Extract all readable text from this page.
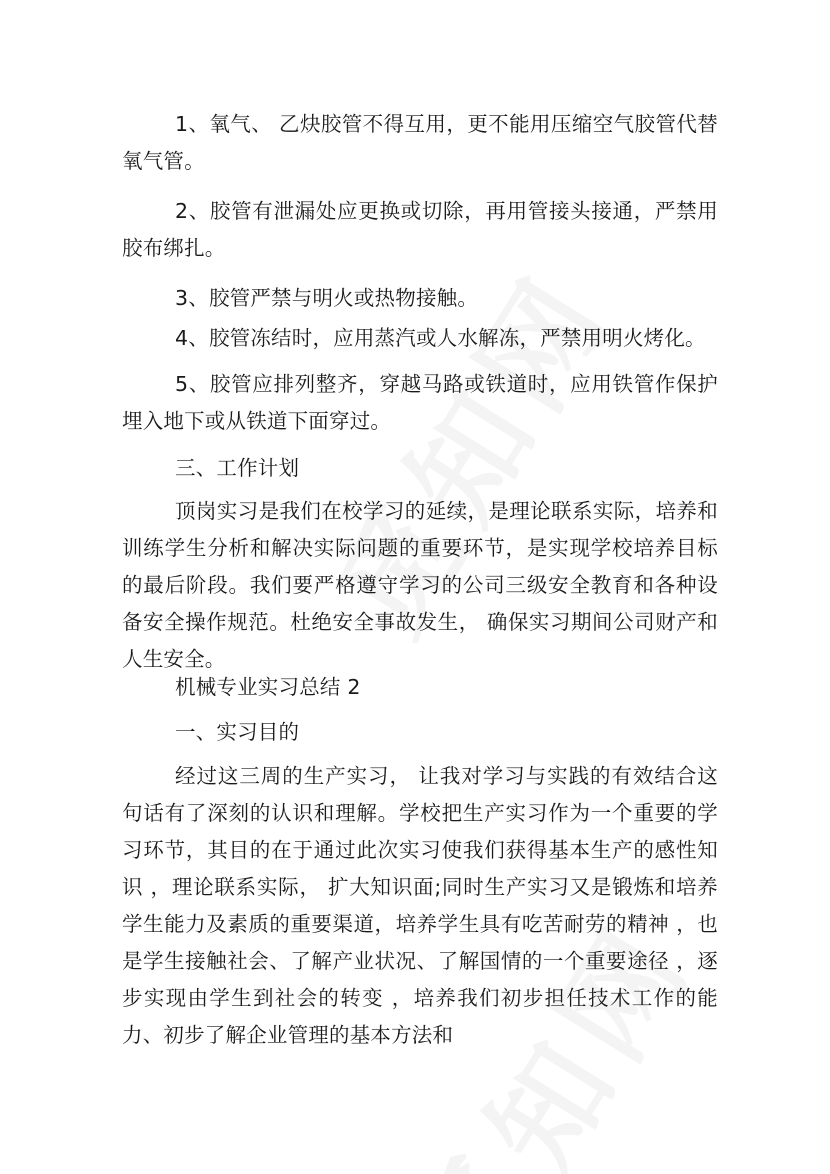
1、氧气、 乙炔胶管不得互用，更不能用压缩空气胶管代替氧气管。

2、胶管有泄漏处应更换或切除，再用管接头接通，严禁用胶布绑扎。

3、胶管严禁与明火或热物接触。

4、胶管冻结时，应用蒸汽或人水解冻，严禁用明火烤化。

5、胶管应排列整齐，穿越马路或铁道时，应用铁管作保护埋入地下或从铁道下面穿过。

三、工作计划

顶岗实习是我们在校学习的延续，是理论联系实际，培养和训练学生分析和解决实际问题的重要环节，是实现学校培养目标的最后阶段。我们要严格遵守学习的公司三级安全教育和各种设备安全操作规范。杜绝安全事故发生， 确保实习期间公司财产和人生安全。

机械专业实习总结 2

一、实习目的

经过这三周的生产实习， 让我对学习与实践的有效结合这句话有了深刻的认识和理解。学校把生产实习作为一个重要的学习环节，其目的在于通过此次实习使我们获得基本生产的感性知识 ，理论联系实际， 扩大知识面;同时生产实习又是锻炼和培养学生能力及素质的重要渠道，培养学生具有吃苦耐劳的精神 ，也是学生接触社会、了解产业状况、了解国情的一个重要途径 ，逐步实现由学生到社会的转变 ，培养我们初步担任技术工作的能力、初步了解企业管理的基本方法和
